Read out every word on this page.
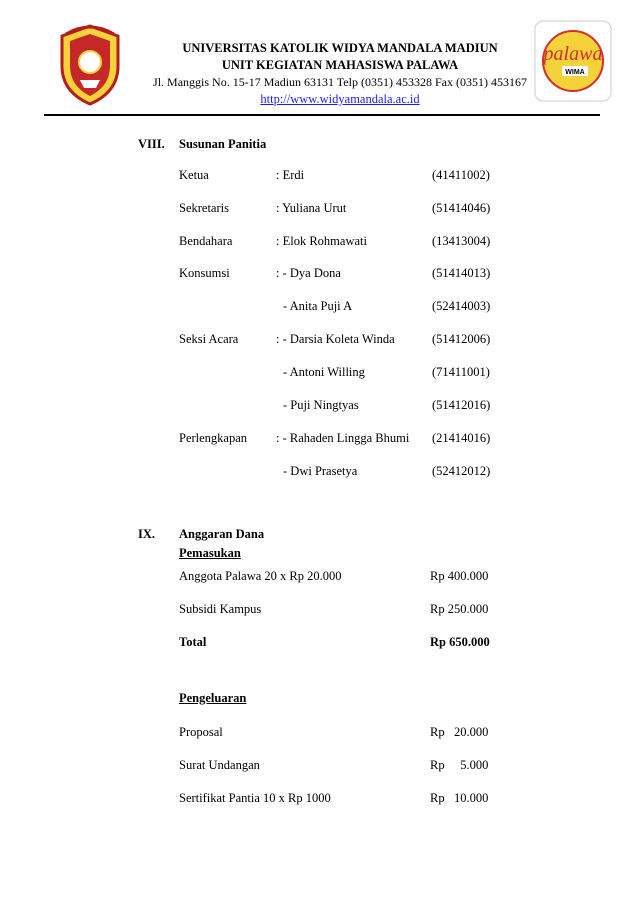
palawa
WIMA
UNIVERSITAS KATOLIK WIDYA MANDALA MADIUN
UNIT KEGIATAN MAHASISWA PALAWA
Jl. Manggis No. 15-17 Madiun 63131 Telp (0351) 453328 Fax (0351) 453167
http://www.widyamandala.ac.id
VIII. Susunan Panitia
Ketua	: Erdi	(41411002)
Sekretaris	: Yuliana Urut	(51414046)
Bendahara	: Elok Rohmawati	(13413004)
Konsumsi	: - Dya Dona	(51414013)
- Anita Puji A	(52414003)
Seksi Acara	: - Darsia Koleta Winda	(51412006)
- Antoni Willing	(71411001)
- Puji Ningtyas	(51412016)
Perlengkapan : - Rahaden Lingga Bhumi (21414016)
- Dwi Prasetya	(52412012)
IX. Anggaran Dana
Pemasukan
Anggota Palawa 20 x Rp 20.000	Rp 400.000
Subsidi Kampus	Rp 250.000
Total	Rp 650.000
Pengeluaran
Proposal	Rp   20.000
Surat Undangan	Rp     5.000
Sertifikat Pantia 10 x Rp 1000	Rp   10.000
